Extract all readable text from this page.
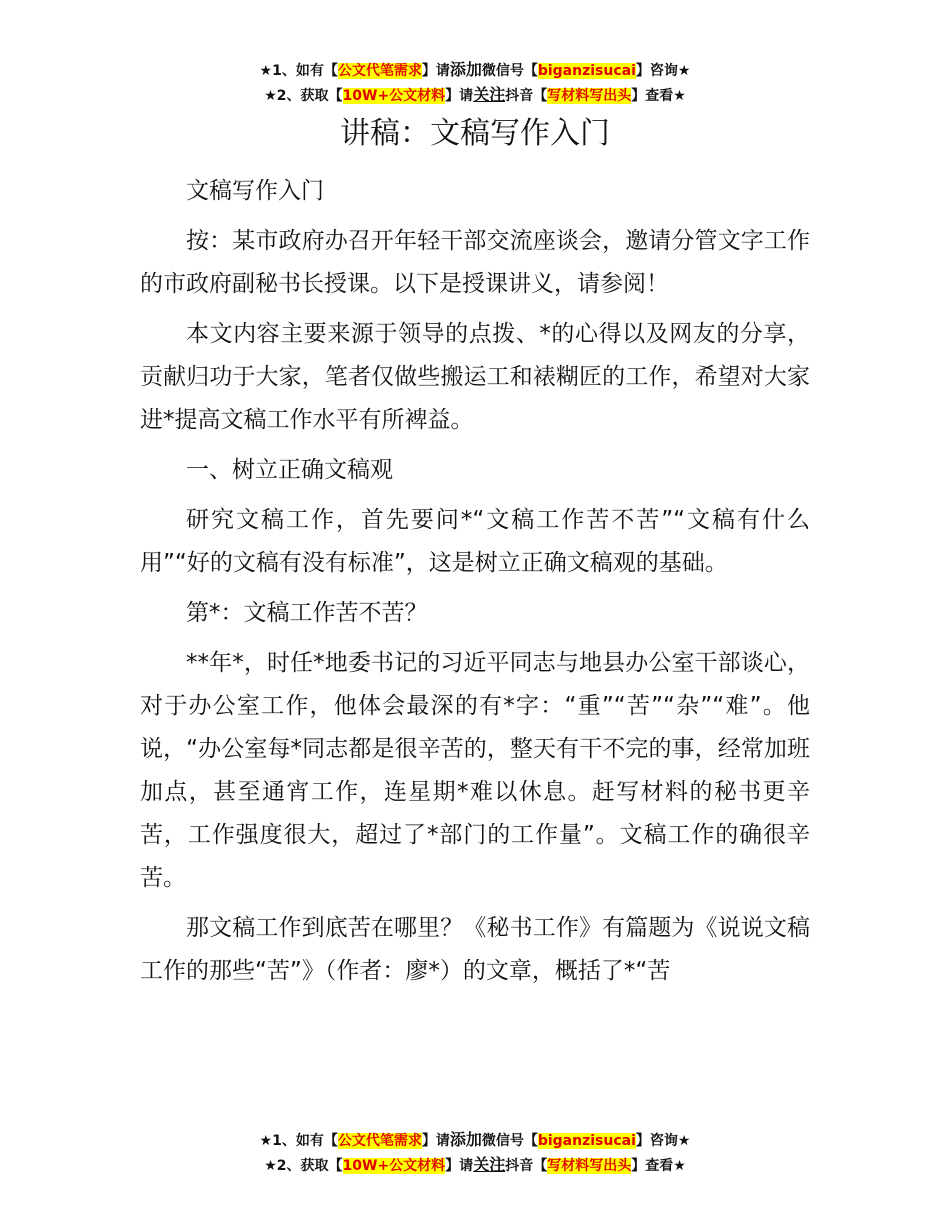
★1、如有【公文代笔需求】请添加微信号【biganzisucai】咨询★
★2、获取【10W+公文材料】请关注抖音【写材料写出头】查看★
讲稿：文稿写作入门

文稿写作入门

按：某市政府办召开年轻干部交流座谈会，邀请分管文字工作的市政府副秘书长授课。以下是授课讲义，请参阅！

本文内容主要来源于领导的点拨、*的心得以及网友的分享，贡献归功于大家，笔者仅做些搬运工和裱糊匠的工作，希望对大家进*提高文稿工作水平有所裨益。

一、树立正确文稿观

研究文稿工作，首先要问*“文稿工作苦不苦”“文稿有什么用”“好的文稿有没有标准”，这是树立正确文稿观的基础。

第*：文稿工作苦不苦？

**年*，时任*地委书记的习近平同志与地县办公室干部谈心，对于办公室工作，他体会最深的有*字：“重”“苦”“杂”“难”。他说，“办公室每*同志都是很辛苦的，整天有干不完的事，经常加班加点，甚至通宵工作，连星期*难以休息。赶写材料的秘书更辛苦，工作强度很大，超过了*部门的工作量”。文稿工作的确很辛苦。

那文稿工作到底苦在哪里？《秘书工作》有篇题为《说说文稿工作的那些“苦”》（作者：廖*）的文章，概括了*“苦

★1、如有【公文代笔需求】请添加微信号【biganzisucai】咨询★
★2、获取【10W+公文材料】请关注抖音【写材料写出头】查看★
